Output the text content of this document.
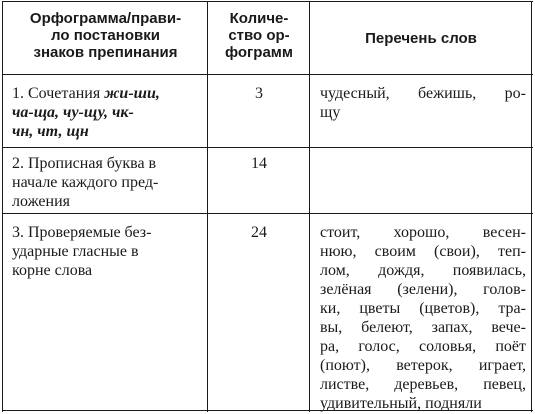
Орфограмма/прави-
ло постановки
знаков препинания
Количе-
ство ор-
фограмм
Перечень слов
1. Сочетания жи-ши,
ча-ща, чу-щу, чк-
чн, чт, щн
3	чудесный, бежишь, ро-
щу
2. Прописная буква в
начале каждого пред-
ложения
14
3. Проверяемые без-
ударные гласные в
корне слова
24	стоит, хорошо, весен-
нюю, своим (свои), теп-
лом, дождя, появилась,
зелёная (зелени), голов-
ки, цветы (цветов), тра-
вы, белеют, запах, вече-
ра, голос, соловья, поёт
(поют), ветерок, играет,
листве, деревьев, певец,
удивительный, подняли
